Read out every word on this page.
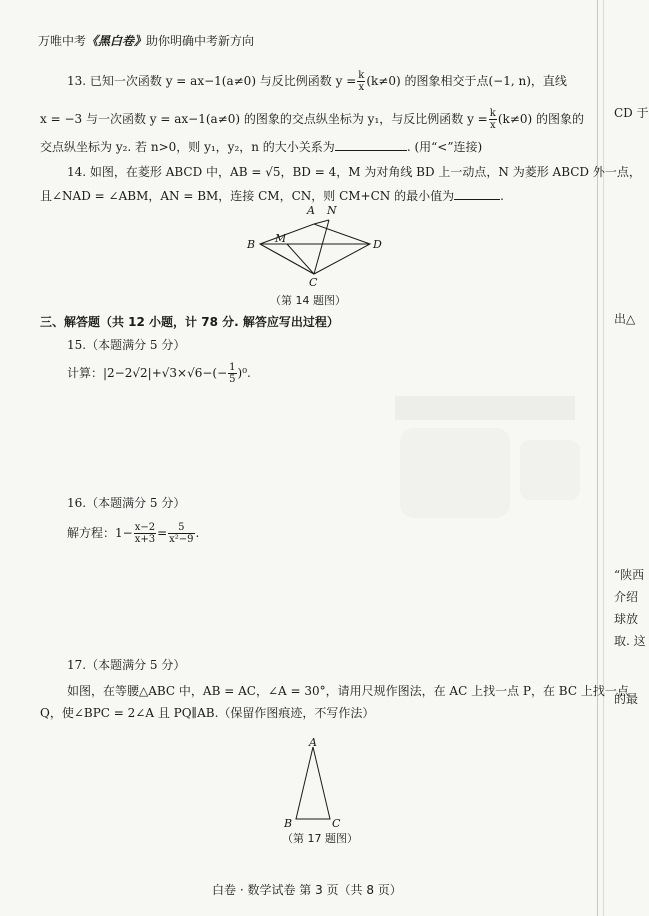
万唯中考《黑白卷》助你明确中考新方向
13. 已知一次函数 y = ax−1(a≠0) 与反比例函数 $y = \frac{k}{x} (k\ne 0)$ 的图象相交于点(−1, n)，直线
x = −3 与一次函数 y = ax−1(a≠0) 的图象的交点纵坐标为 y₁，与反比例函数 $y = \frac{k}{x} (k\ne 0)$ 的图象的
交点纵坐标为 y₂. 若 n>0，则 y₁，y₂，n 的大小关系为	. (用“<”连接)
14. 如图，在菱形 ABCD 中，AB = √5，BD = 4，M 为对角线 BD 上一动点，N 为菱形 ABCD 外一点，
且∠NAD = ∠ABM，AN = BM，连接 CM，CN，则 CM+CN 的最小值为	.
A N
B M	D
C
（第 14 题图）
三、解答题（共 12 小题，计 78 分. 解答应写出过程）
15.（本题满分 5 分）
计算：$|2-2√2|+√3\times√6-(- \frac{1}{5} )^0$.
16.（本题满分 5 分）
解方程：$1- \frac{x-2}{x+3} = \frac{5}{\text{x²−9}}$ .
17.（本题满分 5 分）
如图，在等腰△ABC 中，AB = AC，∠A = 30°，请用尺规作图法，在 AC 上找一点 P，在 BC 上找一点
Q，使∠BPC = 2∠A 且 PQ∥AB.（保留作图痕迹，不写作法）
A
B	C
（第 17 题图）
白卷 · 数学试卷 第 3 页（共 8 页）
CD 于
出△
“陕西
介绍
球放
取. 这
的最
